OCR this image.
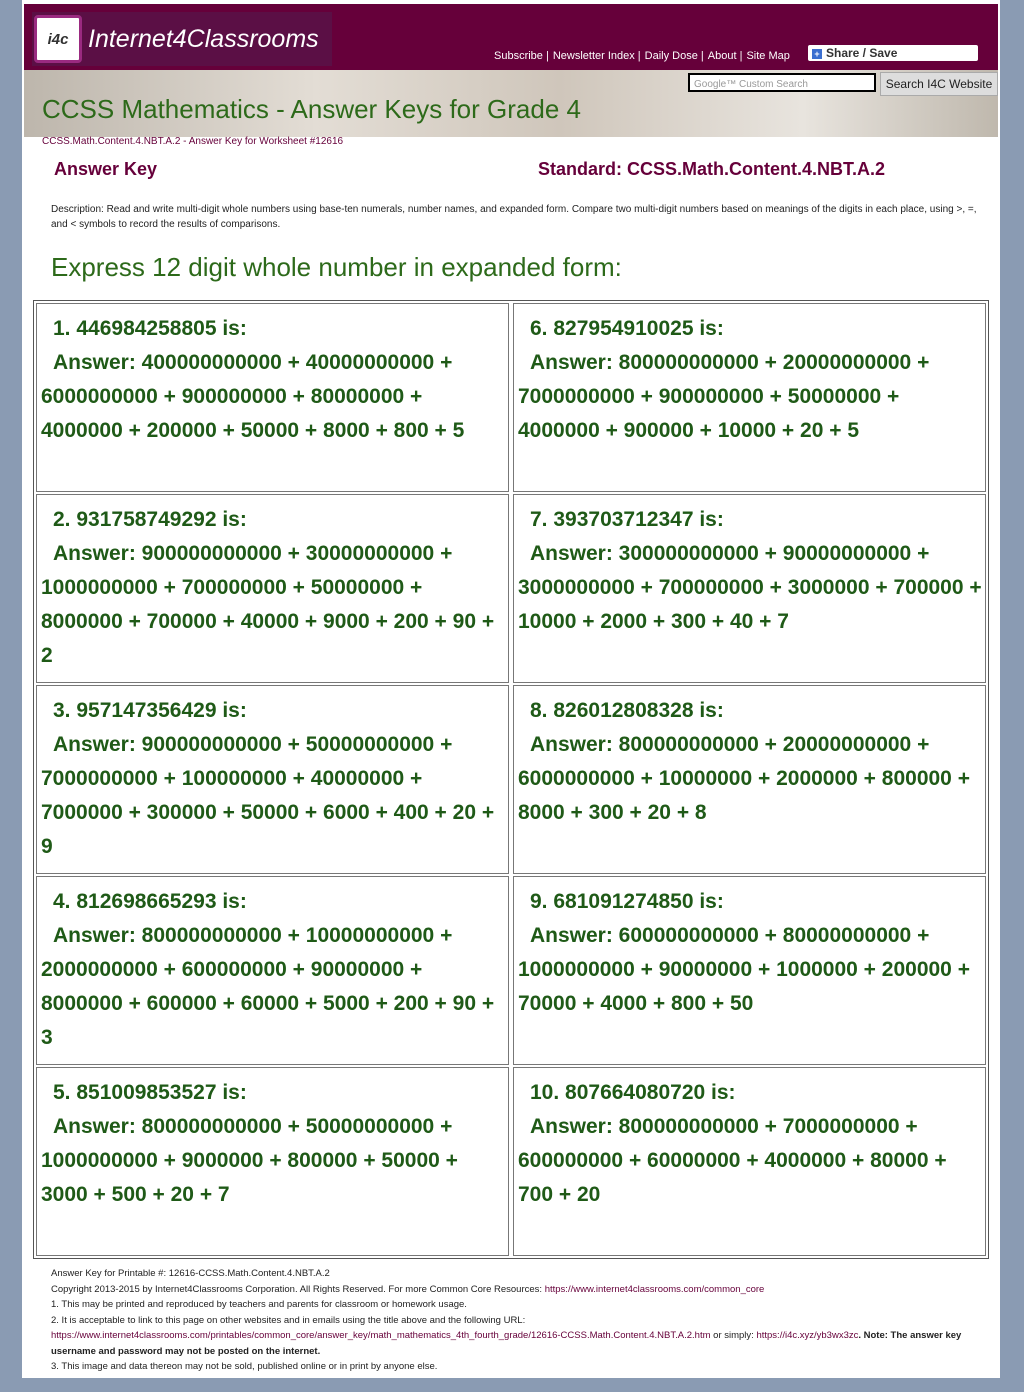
i4c Internet4Classrooms
Subscribe | Newsletter Index | Daily Dose | About | Site Map	+ Share / Save
Google™ Custom Search	Search I4C Website
CCSS Mathematics - Answer Keys for Grade 4
CCSS.Math.Content.4.NBT.A.2 - Answer Key for Worksheet #12616
Answer Key	Standard: CCSS.Math.Content.4.NBT.A.2
Description: Read and write multi-digit whole numbers using base-ten numerals, number names, and expanded form. Compare two multi-digit numbers based on meanings of the digits in each place, using >, =, and < symbols to record the results of comparisons.
Express 12 digit whole number in expanded form:
1. 446984258805 is:
Answer: 400000000000 + 40000000000 + 6000000000 + 900000000 + 80000000 + 4000000 + 200000 + 50000 + 8000 + 800 + 5
6. 827954910025 is:
Answer: 800000000000 + 20000000000 + 7000000000 + 900000000 + 50000000 + 4000000 + 900000 + 10000 + 20 + 5
2. 931758749292 is:
Answer: 900000000000 + 30000000000 + 1000000000 + 700000000 + 50000000 + 8000000 + 700000 + 40000 + 9000 + 200 + 90 + 2
7. 393703712347 is:
Answer: 300000000000 + 90000000000 + 3000000000 + 700000000 + 3000000 + 700000 + 10000 + 2000 + 300 + 40 + 7
3. 957147356429 is:
Answer: 900000000000 + 50000000000 + 7000000000 + 100000000 + 40000000 + 7000000 + 300000 + 50000 + 6000 + 400 + 20 + 9
8. 826012808328 is:
Answer: 800000000000 + 20000000000 + 6000000000 + 10000000 + 2000000 + 800000 + 8000 + 300 + 20 + 8
4. 812698665293 is:
Answer: 800000000000 + 10000000000 + 2000000000 + 600000000 + 90000000 + 8000000 + 600000 + 60000 + 5000 + 200 + 90 + 3
9. 681091274850 is:
Answer: 600000000000 + 80000000000 + 1000000000 + 90000000 + 1000000 + 200000 + 70000 + 4000 + 800 + 50
5. 851009853527 is:
Answer: 800000000000 + 50000000000 + 1000000000 + 9000000 + 800000 + 50000 + 3000 + 500 + 20 + 7
10. 807664080720 is:
Answer: 800000000000 + 7000000000 + 600000000 + 60000000 + 4000000 + 80000 + 700 + 20
Answer Key for Printable #: 12616-CCSS.Math.Content.4.NBT.A.2
Copyright 2013-2015 by Internet4Classrooms Corporation. All Rights Reserved. For more Common Core Resources: https://www.internet4classrooms.com/common_core
1. This may be printed and reproduced by teachers and parents for classroom or homework usage.
2. It is acceptable to link to this page on other websites and in emails using the title above and the following URL:
https://www.internet4classrooms.com/printables/common_core/answer_key/math_mathematics_4th_fourth_grade/12616-CCSS.Math.Content.4.NBT.A.2.htm or simply: https://i4c.xyz/yb3wx3zc. Note: The answer key username and password may not be posted on the internet.
3. This image and data thereon may not be sold, published online or in print by anyone else.
